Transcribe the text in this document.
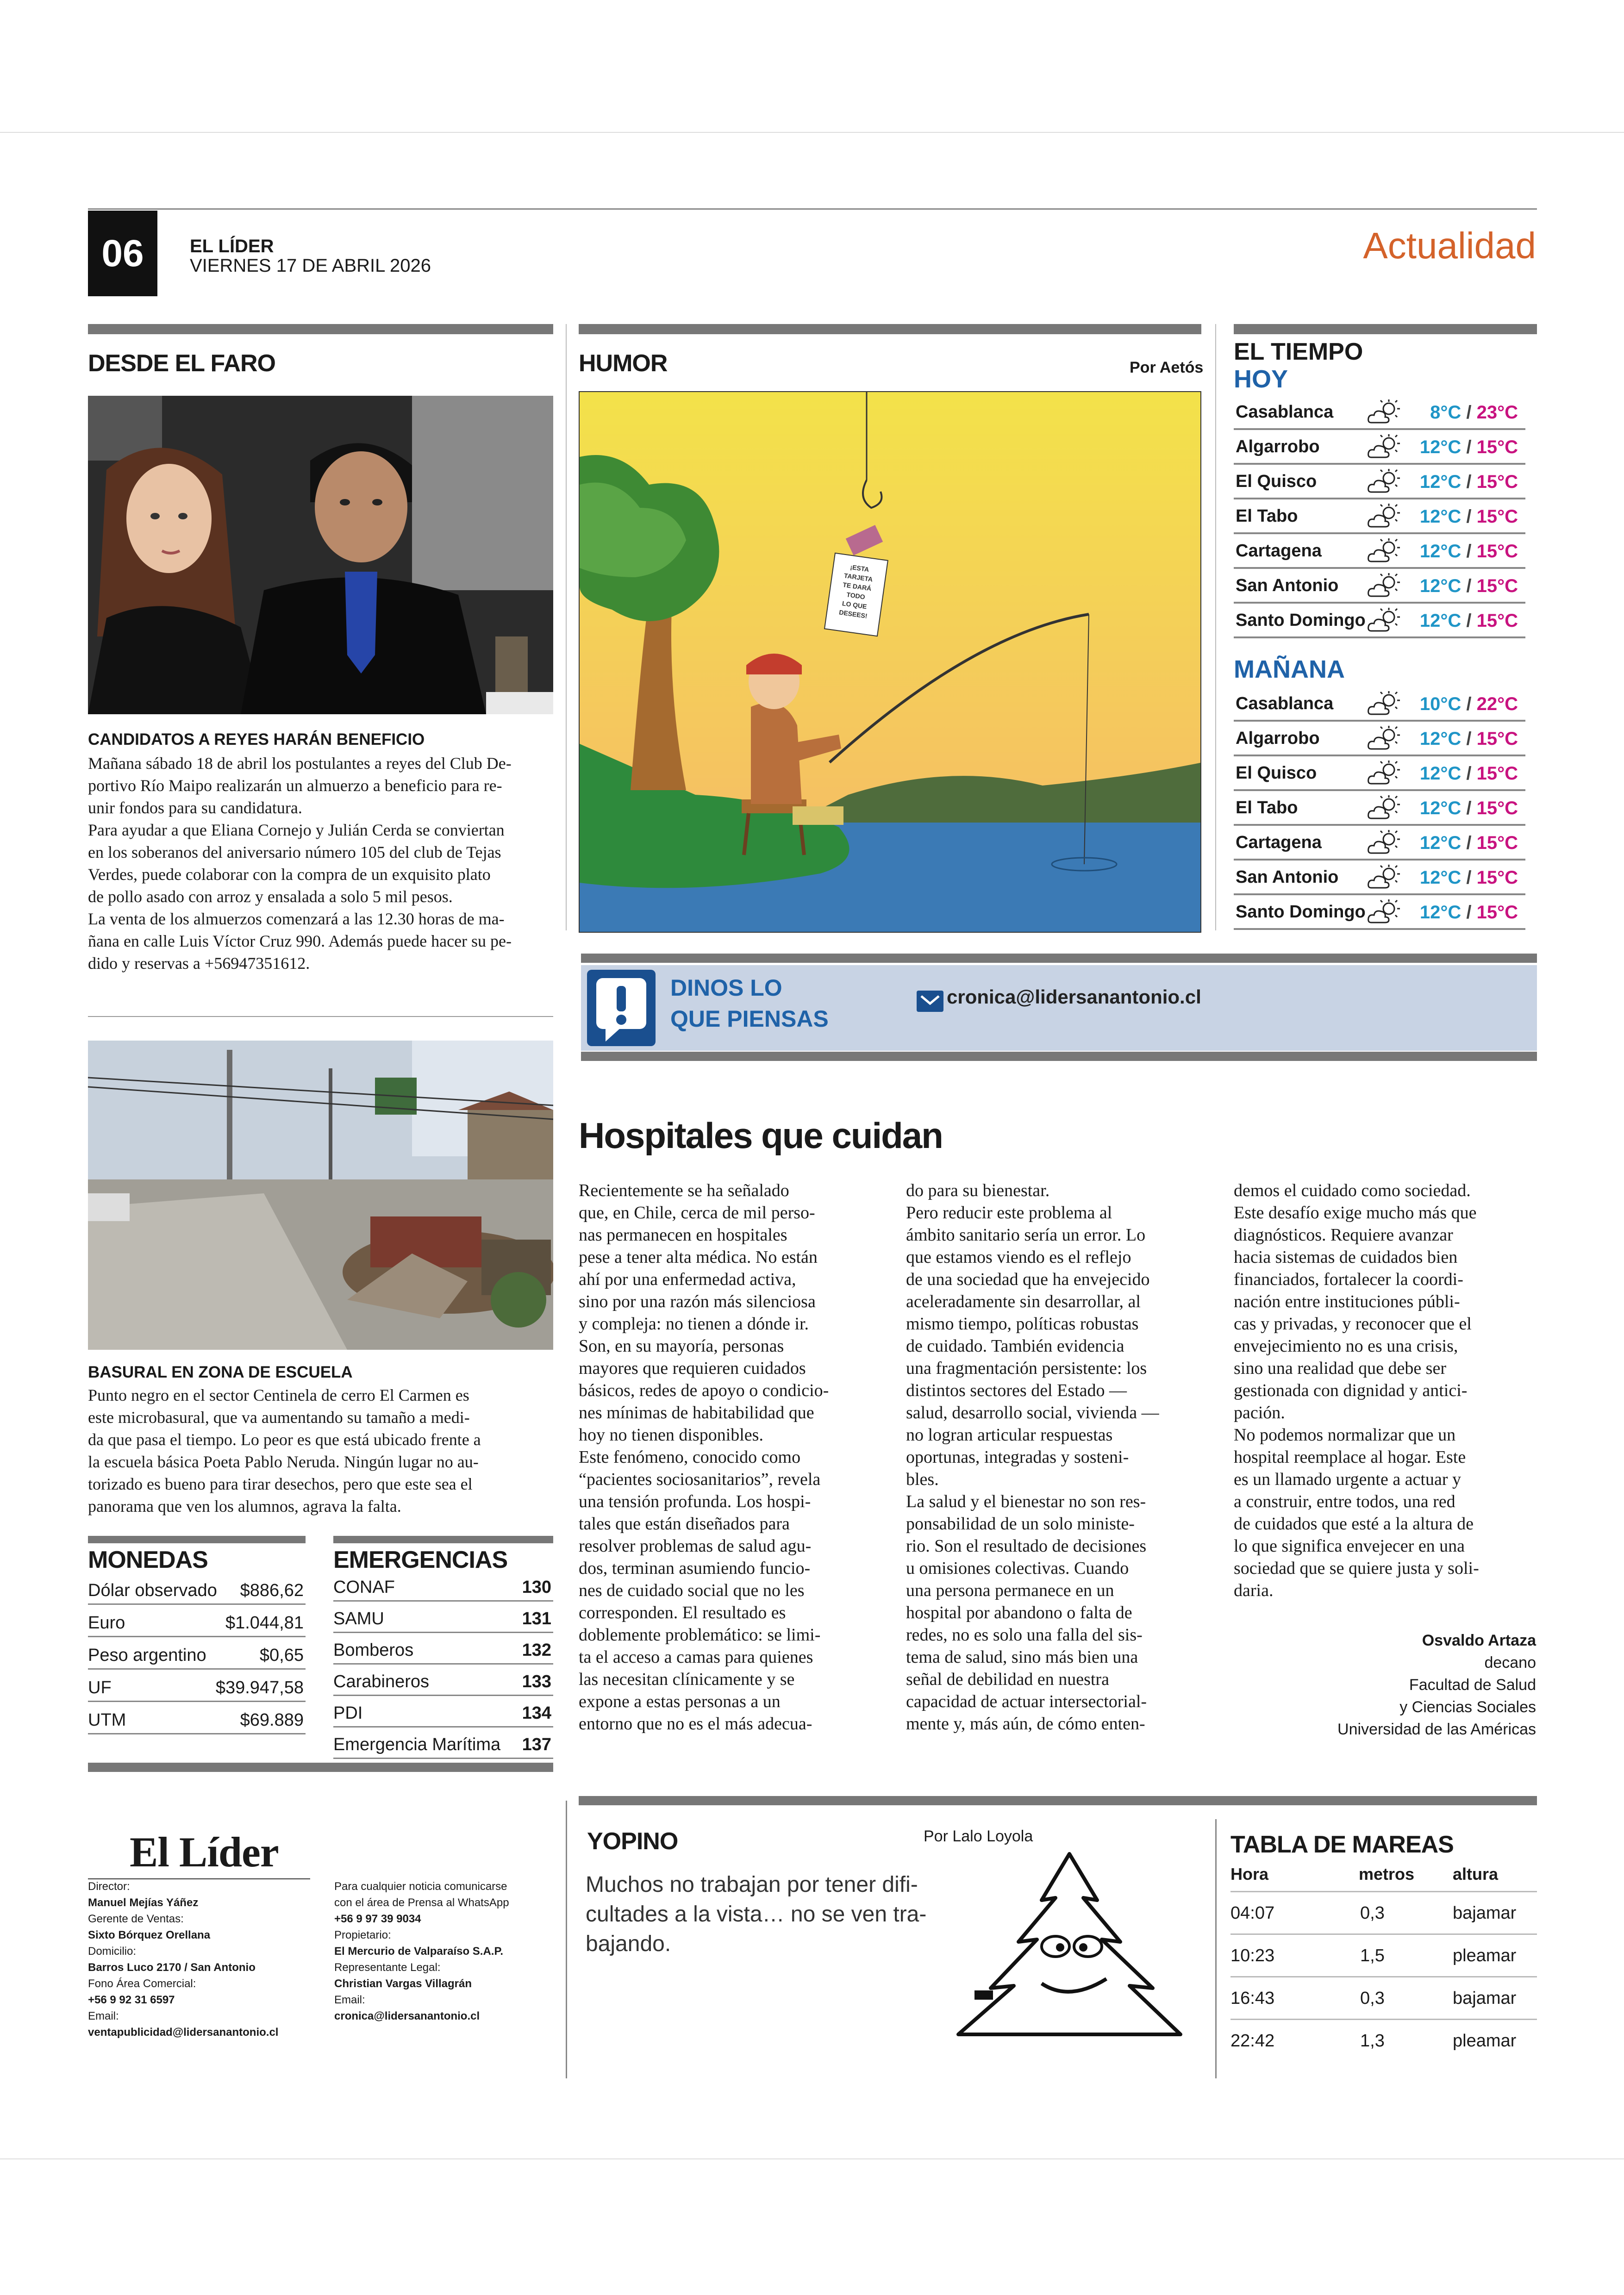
06	EL LÍDER
VIERNES 17 DE ABRIL 2026	Actualidad
DESDE EL FARO
CANDIDATOS A REYES HARÁN BENEFICIO
Mañana sábado 18 de abril los postulantes a reyes del Club De-
portivo Río Maipo realizarán un almuerzo a beneficio para re-
unir fondos para su candidatura.
Para ayudar a que Eliana Cornejo y Julián Cerda se conviertan
en los soberanos del aniversario número 105 del club de Tejas
Verdes, puede colaborar con la compra de un exquisito plato
de pollo asado con arroz y ensalada a solo 5 mil pesos.
La venta de los almuerzos comenzará a las 12.30 horas de ma-
ñana en calle Luis Víctor Cruz 990. Además puede hacer su pe-
dido y reservas a +56947351612.
BASURAL EN ZONA DE ESCUELA
Punto negro en el sector Centinela de cerro El Carmen es
este microbasural, que va aumentando su tamaño a medi-
da que pasa el tiempo. Lo peor es que está ubicado frente a
la escuela básica Poeta Pablo Neruda. Ningún lugar no au-
torizado es bueno para tirar desechos, pero que este sea el
panorama que ven los alumnos, agrava la falta.
MONEDAS
Dólar observado $886,62
Euro	$1.044,81
Peso argentino	$0,65
UF	$39.947,58
UTM	$69.889
EMERGENCIAS
CONAF	130
SAMU	131
Bomberos	132
Carabineros	133
PDI	134
Emergencia Marítima 137
HUMOR	Por Aetós
¡ESTA
TARJETA
TE DARÁ
TODO
LO QUE
DESEES!
EL TIEMPO
HOY
MAÑANA
Casablanca	8°C / 23°C
Algarrobo	12°C / 15°C
El Quisco	12°C / 15°C
El Tabo	12°C / 15°C
Cartagena	12°C / 15°C
San Antonio	12°C / 15°C
Santo Domingo	12°C / 15°C
Casablanca	10°C / 22°C
Algarrobo	12°C / 15°C
El Quisco	12°C / 15°C
El Tabo	12°C / 15°C
Cartagena	12°C / 15°C
San Antonio	12°C / 15°C
Santo Domingo	12°C / 15°C
DINOS LO
QUE PIENSAS
cronica@lidersanantonio.cl
Hospitales que cuidan
Recientemente se ha señalado
que, en Chile, cerca de mil perso-
nas permanecen en hospitales
pese a tener alta médica. No están
ahí por una enfermedad activa,
sino por una razón más silenciosa
y compleja: no tienen a dónde ir.
Son, en su mayoría, personas
mayores que requieren cuidados
básicos, redes de apoyo o condicio-
nes mínimas de habitabilidad que
hoy no tienen disponibles.
Este fenómeno, conocido como
“pacientes sociosanitarios”, revela
una tensión profunda. Los hospi-
tales que están diseñados para
resolver problemas de salud agu-
dos, terminan asumiendo funcio-
nes de cuidado social que no les
corresponden. El resultado es
doblemente problemático: se limi-
ta el acceso a camas para quienes
las necesitan clínicamente y se
expone a estas personas a un
entorno que no es el más adecua-
do para su bienestar.
Pero reducir este problema al
ámbito sanitario sería un error. Lo
que estamos viendo es el reflejo
de una sociedad que ha envejecido
aceleradamente sin desarrollar, al
mismo tiempo, políticas robustas
de cuidado. También evidencia
una fragmentación persistente: los
distintos sectores del Estado —
salud, desarrollo social, vivienda —
no logran articular respuestas
oportunas, integradas y sosteni-
bles.
La salud y el bienestar no son res-
ponsabilidad de un solo ministe-
rio. Son el resultado de decisiones
u omisiones colectivas. Cuando
una persona permanece en un
hospital por abandono o falta de
redes, no es solo una falla del sis-
tema de salud, sino más bien una
señal de debilidad en nuestra
capacidad de actuar intersectorial-
mente y, más aún, de cómo enten-
demos el cuidado como sociedad.
Este desafío exige mucho más que
diagnósticos. Requiere avanzar
hacia sistemas de cuidados bien
financiados, fortalecer la coordi-
nación entre instituciones públi-
cas y privadas, y reconocer que el
envejecimiento no es una crisis,
sino una realidad que debe ser
gestionada con dignidad y antici-
pación.
No podemos normalizar que un
hospital reemplace al hogar. Este
es un llamado urgente a actuar y
a construir, entre todos, una red
de cuidados que esté a la altura de
lo que significa envejecer en una
sociedad que se quiere justa y soli-
daria.
Osvaldo Artaza
decano
Facultad de Salud
y Ciencias Sociales
Universidad de las Américas
El Líder
Director:
Manuel Mejías Yáñez
Gerente de Ventas:
Sixto Bórquez Orellana
Domicilio:
Barros Luco 2170 / San Antonio
Fono Área Comercial:
+56 9 92 31 6597
Email:
ventapublicidad@lidersanantonio.cl
Para cualquier noticia comunicarse
con el área de Prensa al WhatsApp
+56 9 97 39 9034
Propietario:
El Mercurio de Valparaíso S.A.P.
Representante Legal:
Christian Vargas Villagrán
Email:
cronica@lidersanantonio.cl
YOPINO	Por Lalo Loyola
Muchos no trabajan por tener difi-
cultades a la vista… no se ven tra-
bajando.
TABLA DE MAREAS
Hora	metros altura
04:07	0,3	bajamar
10:23	1,5	pleamar
16:43	0,3	bajamar
22:42	1,3	pleamar
